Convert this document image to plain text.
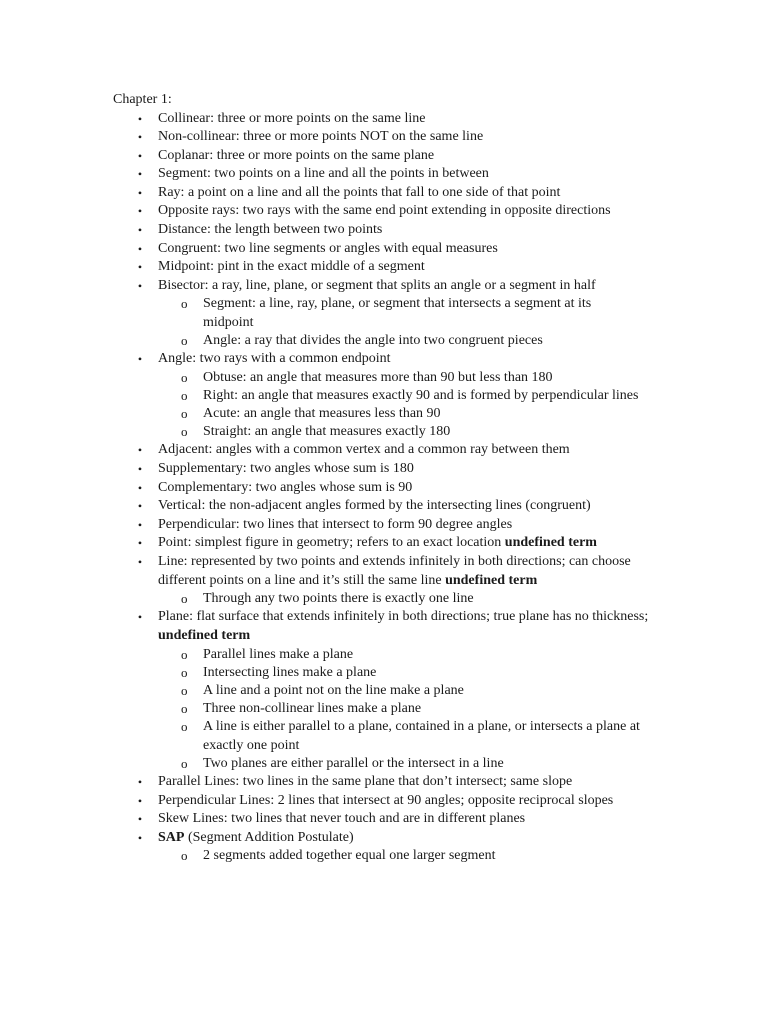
Chapter 1:

• Collinear: three or more points on the same line
• Non-collinear: three or more points NOT on the same line
• Coplanar: three or more points on the same plane
• Segment: two points on a line and all the points in between
• Ray: a point on a line and all the points that fall to one side of that point
• Opposite rays: two rays with the same end point extending in opposite directions
• Distance: the length between two points
• Congruent: two line segments or angles with equal measures
• Midpoint: pint in the exact middle of a segment
• Bisector: a ray, line, plane, or segment that splits an angle or a segment in half
o Segment: a line, ray, plane, or segment that intersects a segment at its midpoint
o Angle: a ray that divides the angle into two congruent pieces
• Angle: two rays with a common endpoint
o Obtuse: an angle that measures more than 90 but less than 180
o Right: an angle that measures exactly 90 and is formed by perpendicular lines
o Acute: an angle that measures less than 90
o Straight: an angle that measures exactly 180
• Adjacent: angles with a common vertex and a common ray between them
• Supplementary: two angles whose sum is 180
• Complementary: two angles whose sum is 90
• Vertical: the non-adjacent angles formed by the intersecting lines (congruent)
• Perpendicular: two lines that intersect to form 90 degree angles
• Point: simplest figure in geometry; refers to an exact location undefined term
• Line: represented by two points and extends infinitely in both directions; can choose different points on a line and it’s still the same line undefined term
o Through any two points there is exactly one line
• Plane: flat surface that extends infinitely in both directions; true plane has no thickness; undefined term
o Parallel lines make a plane
o Intersecting lines make a plane
o A line and a point not on the line make a plane
o Three non-collinear lines make a plane
o A line is either parallel to a plane, contained in a plane, or intersects a plane at exactly one point
o Two planes are either parallel or the intersect in a line
• Parallel Lines: two lines in the same plane that don’t intersect; same slope
• Perpendicular Lines: 2 lines that intersect at 90 angles; opposite reciprocal slopes
• Skew Lines: two lines that never touch and are in different planes
• SAP (Segment Addition Postulate)
o 2 segments added together equal one larger segment
